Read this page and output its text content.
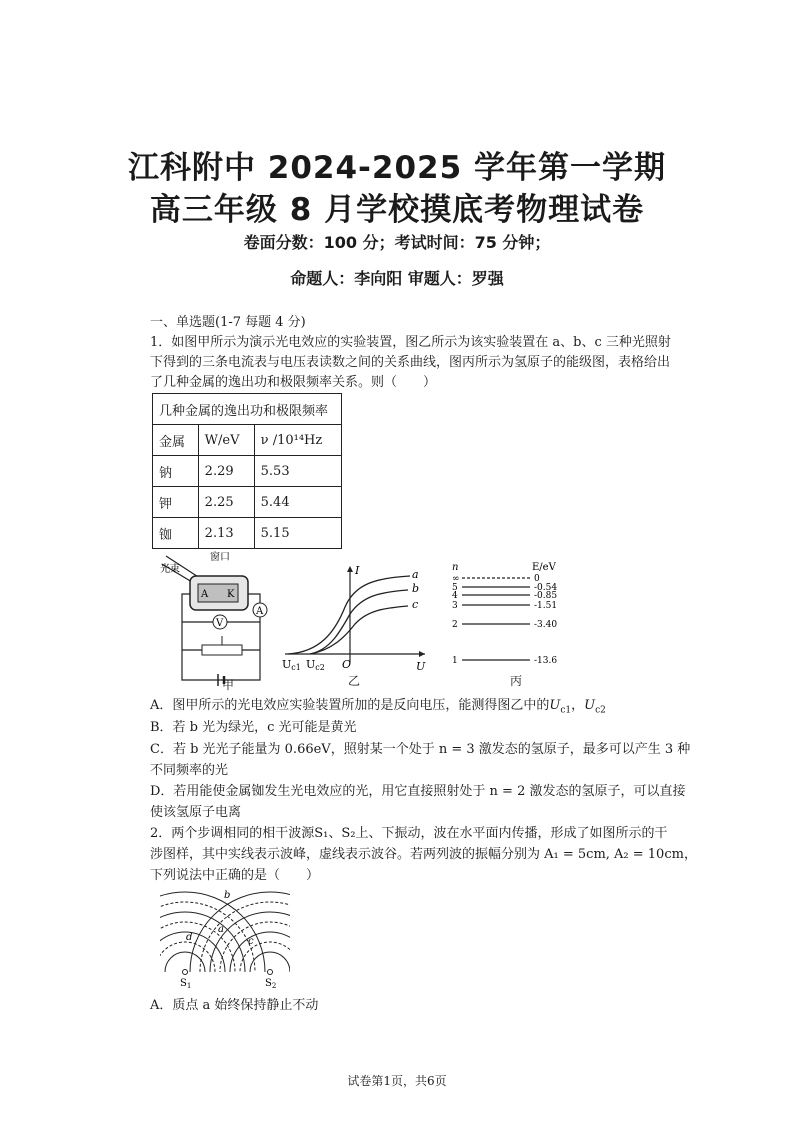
江科附中 2024-2025 学年第一学期
高三年级 8 月学校摸底考物理试卷
卷面分数：100 分；考试时间：75 分钟；
命题人：李向阳 审题人：罗强
一、单选题(1-7 每题 4 分)
1．如图甲所示为演示光电效应的实验装置，图乙所示为该实验装置在 a、b、c 三种光照射
下得到的三条电流表与电压表读数之间的关系曲线，图丙所示为氢原子的能级图，表格给出
了几种金属的逸出功和极限频率关系。则（　　）
几种金属的逸出功和极限频率		
金属	W/eV	ν /10¹⁴Hz
钠	2.29	5.53
钾	2.25	5.44
铷	2.13	5.15
光束
窗口
A K
A
V
甲
I
U
a
b
c
Uc1 Uc2 O
乙
n	E/eV
∞	0
5	-0.54
4	-0.85
3	-1.51
2	-3.40
1	-13.6
丙
A．图甲所示的光电效应实验装置所加的是反向电压，能测得图乙中的$U_{c1}$，$U_{c2}$
B．若 b 光为绿光，c 光可能是黄光
C．若 b 光光子能量为 0.66eV，照射某一个处于 n = 3 激发态的氢原子，最多可以产生 3 种
不同频率的光
D．若用能使金属铷发生光电效应的光，用它直接照射处于 n = 2 激发态的氢原子，可以直接
使该氢原子电离
2．两个步调相同的相干波源S₁、S₂上、下振动，波在水平面内传播，形成了如图所示的干
涉图样，其中实线表示波峰，虚线表示波谷。若两列波的振幅分别为 A₁ = 5cm, A₂ = 10cm，
下列说法中正确的是（　　）
b
a
d	c
$S_1$	$S_2$
A．质点 a 始终保持静止不动
试卷第1页，共6页
